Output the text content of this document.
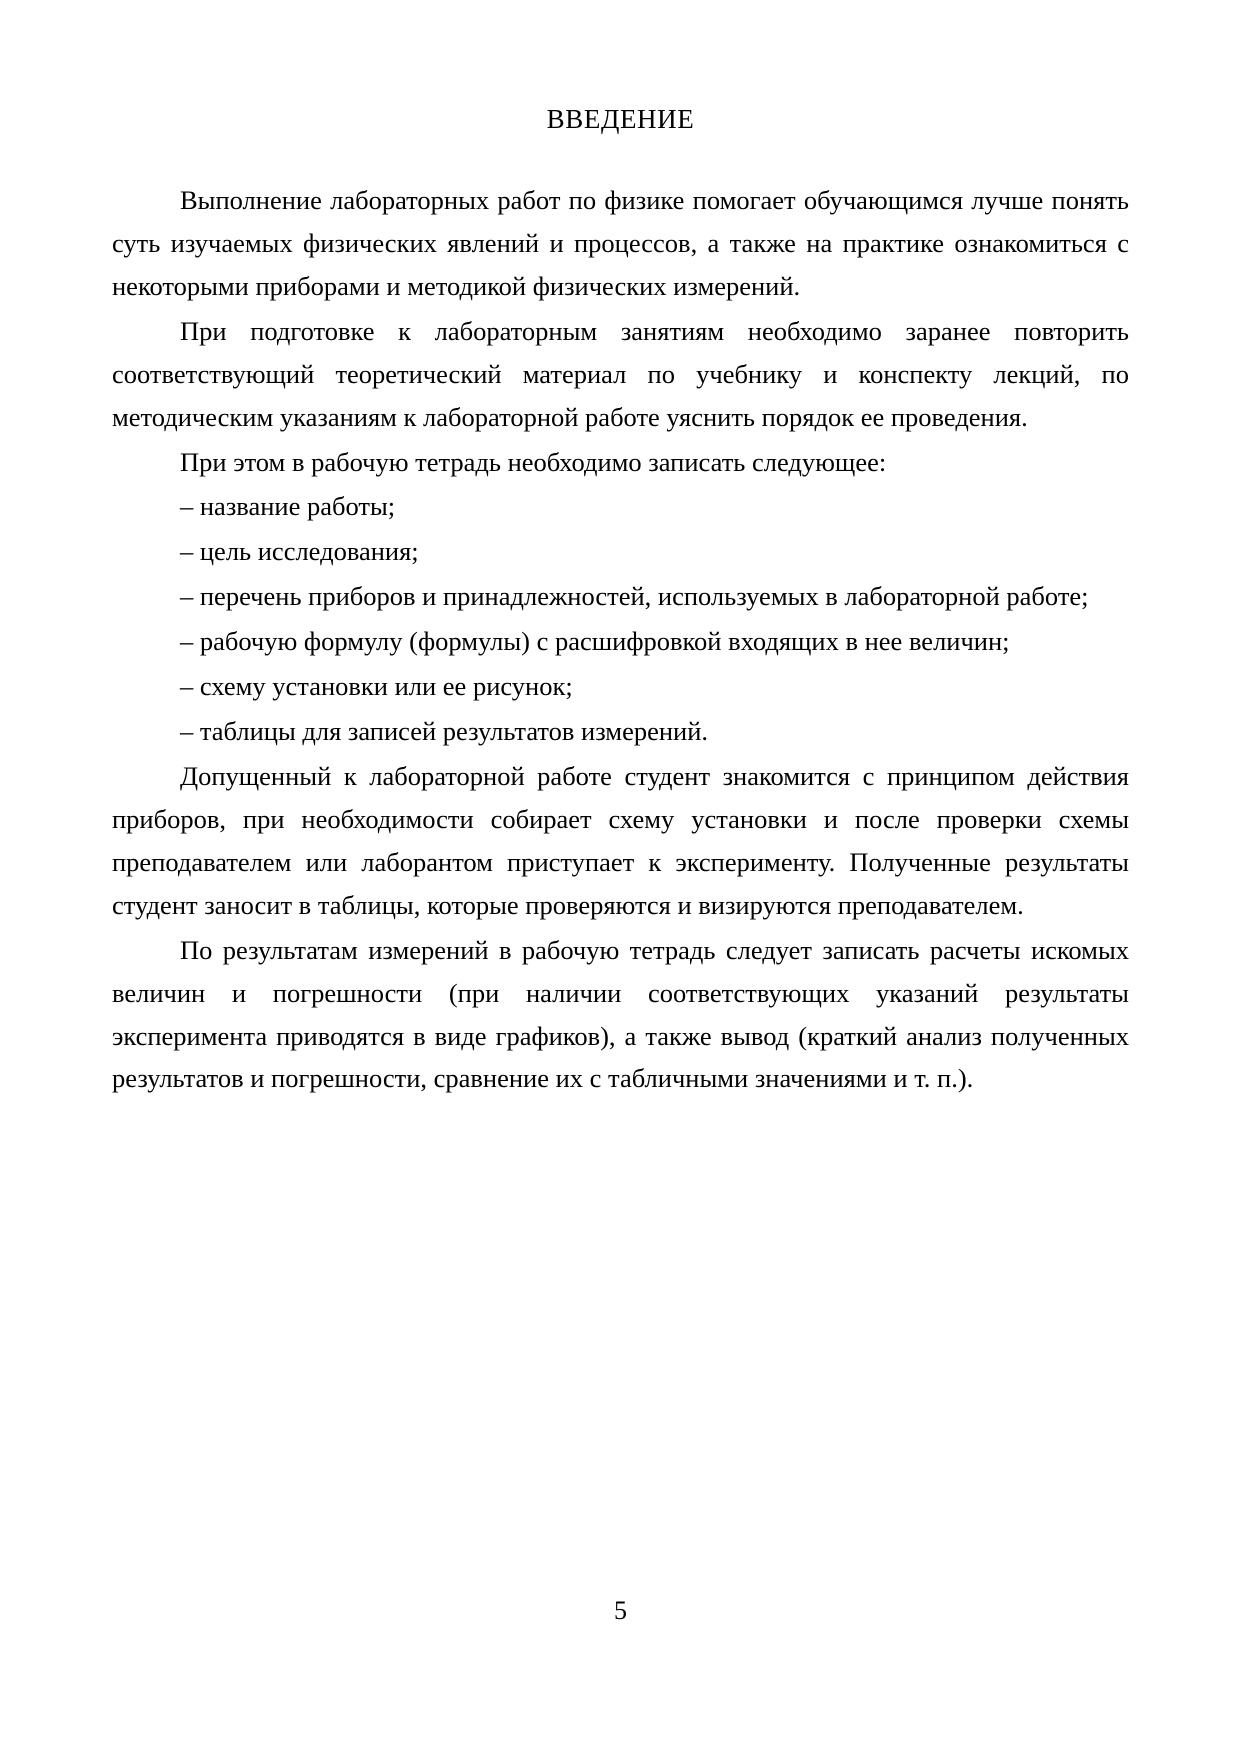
ВВЕДЕНИЕ

Выполнение лабораторных работ по физике помогает обучающимся лучше понять суть изучаемых физических явлений и процессов, а также на практике ознакомиться с некоторыми приборами и методикой физических измерений.

При подготовке к лабораторным занятиям необходимо заранее повторить соответствующий теоретический материал по учебнику и конспекту лекций, по методическим указаниям к лабораторной работе уяснить порядок ее проведения.

При этом в рабочую тетрадь необходимо записать следующее:

– название работы;

– цель исследования;

– перечень приборов и принадлежностей, используемых в лабораторной работе;

– рабочую формулу (формулы) с расшифровкой входящих в нее величин;

– схему установки или ее рисунок;

– таблицы для записей результатов измерений.

Допущенный к лабораторной работе студент знакомится с принципом действия приборов, при необходимости собирает схему установки и после проверки схемы преподавателем или лаборантом приступает к эксперименту. Полученные результаты студент заносит в таблицы, которые проверяются и визируются преподавателем.

По результатам измерений в рабочую тетрадь следует записать расчеты искомых величин и погрешности (при наличии соответствующих указаний результаты эксперимента приводятся в виде графиков), а также вывод (краткий анализ полученных результатов и погрешности, сравнение их с табличными значениями и т. п.).

5
